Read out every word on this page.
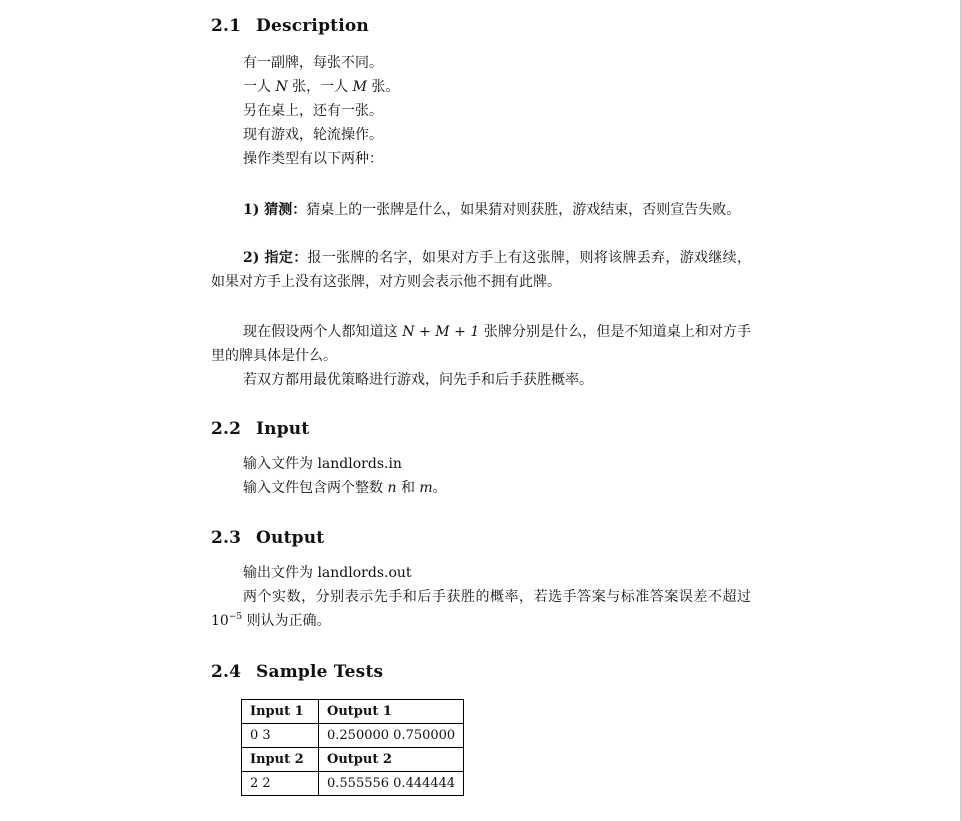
2.1 Description
有一副牌，每张不同。
一人 N 张，一人 M 张。
另在桌上，还有一张。
现有游戏，轮流操作。
操作类型有以下两种：
1) 猜测：猜桌上的一张牌是什么，如果猜对则获胜，游戏结束，否则宣告失败。
2) 指定：报一张牌的名字，如果对方手上有这张牌，则将该牌丢弃，游戏继续，如果对方手上没有这张牌，对方则会表示他不拥有此牌。
现在假设两个人都知道这 N + M + 1 张牌分别是什么，但是不知道桌上和对方手里的牌具体是什么。
若双方都用最优策略进行游戏，问先手和后手获胜概率。
2.2 Input
输入文件为 landlords.in
输入文件包含两个整数 n 和 m。
2.3 Output
输出文件为 landlords.out
两个实数，分别表示先手和后手获胜的概率，若选手答案与标准答案误差不超过 $10^{-5}$ 则认为正确。
2.4 Sample Tests
Input 1	Output 1
0 3	0.250000 0.750000
Input 2	Output 2
2 2	0.555556 0.444444
